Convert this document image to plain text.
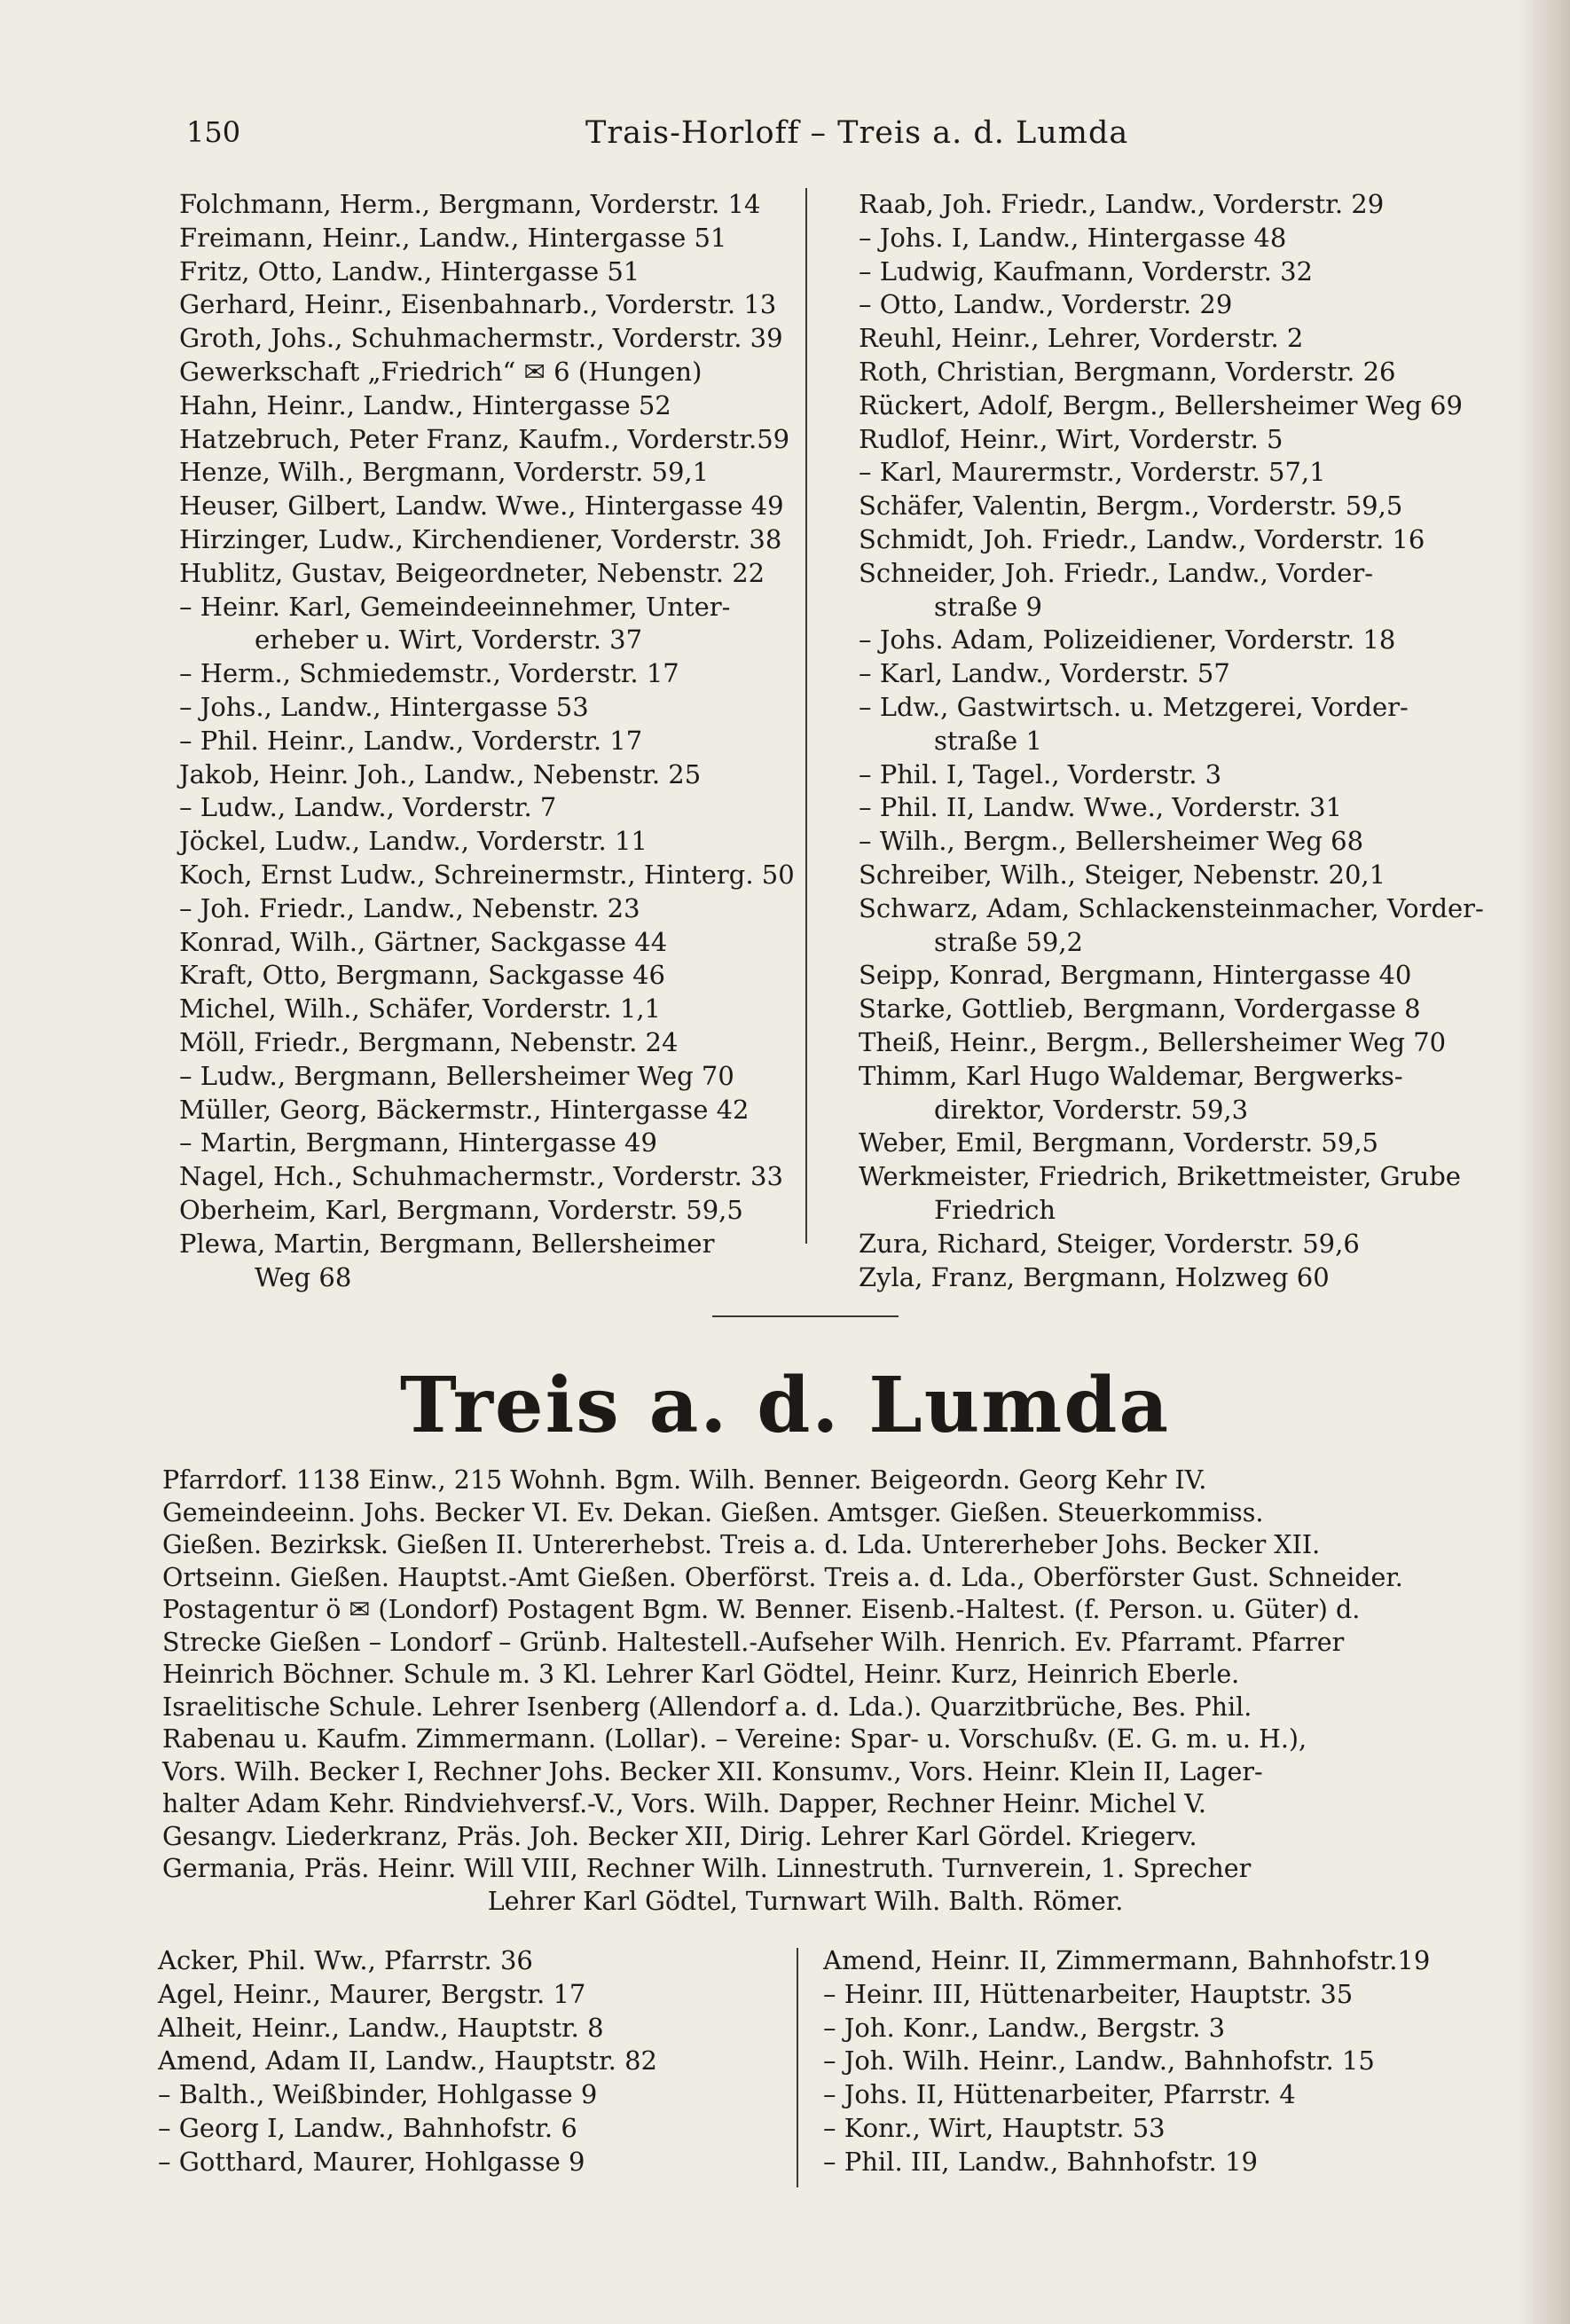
150	Trais-Horloff – Treis a. d. Lumda
Folchmann, Herm., Bergmann, Vorderstr. 14
Freimann, Heinr., Landw., Hintergasse 51
Fritz, Otto, Landw., Hintergasse 51
Gerhard, Heinr., Eisenbahnarb., Vorderstr. 13
Groth, Johs., Schuhmachermstr., Vorderstr. 39
Gewerkschaft „Friedrich“ ✉ 6 (Hungen)
Hahn, Heinr., Landw., Hintergasse 52
Hatzebruch, Peter Franz, Kaufm., Vorderstr.59
Henze, Wilh., Bergmann, Vorderstr. 59,1
Heuser, Gilbert, Landw. Wwe., Hintergasse 49
Hirzinger, Ludw., Kirchendiener, Vorderstr. 38
Hublitz, Gustav, Beigeordneter, Nebenstr. 22
– Heinr. Karl, Gemeindeeinnehmer, Unter-
erheber u. Wirt, Vorderstr. 37
– Herm., Schmiedemstr., Vorderstr. 17
– Johs., Landw., Hintergasse 53
– Phil. Heinr., Landw., Vorderstr. 17
Jakob, Heinr. Joh., Landw., Nebenstr. 25
– Ludw., Landw., Vorderstr. 7
Jöckel, Ludw., Landw., Vorderstr. 11
Koch, Ernst Ludw., Schreinermstr., Hinterg. 50
– Joh. Friedr., Landw., Nebenstr. 23
Konrad, Wilh., Gärtner, Sackgasse 44
Kraft, Otto, Bergmann, Sackgasse 46
Michel, Wilh., Schäfer, Vorderstr. 1,1
Möll, Friedr., Bergmann, Nebenstr. 24
– Ludw., Bergmann, Bellersheimer Weg 70
Müller, Georg, Bäckermstr., Hintergasse 42
– Martin, Bergmann, Hintergasse 49
Nagel, Hch., Schuhmachermstr., Vorderstr. 33
Oberheim, Karl, Bergmann, Vorderstr. 59,5
Plewa, Martin, Bergmann, Bellersheimer
Weg 68
Raab, Joh. Friedr., Landw., Vorderstr. 29
– Johs. I, Landw., Hintergasse 48
– Ludwig, Kaufmann, Vorderstr. 32
– Otto, Landw., Vorderstr. 29
Reuhl, Heinr., Lehrer, Vorderstr. 2
Roth, Christian, Bergmann, Vorderstr. 26
Rückert, Adolf, Bergm., Bellersheimer Weg 69
Rudlof, Heinr., Wirt, Vorderstr. 5
– Karl, Maurermstr., Vorderstr. 57,1
Schäfer, Valentin, Bergm., Vorderstr. 59,5
Schmidt, Joh. Friedr., Landw., Vorderstr. 16
Schneider, Joh. Friedr., Landw., Vorder-
straße 9
– Johs. Adam, Polizeidiener, Vorderstr. 18
– Karl, Landw., Vorderstr. 57
– Ldw., Gastwirtsch. u. Metzgerei, Vorder-
straße 1
– Phil. I, Tagel., Vorderstr. 3
– Phil. II, Landw. Wwe., Vorderstr. 31
– Wilh., Bergm., Bellersheimer Weg 68
Schreiber, Wilh., Steiger, Nebenstr. 20,1
Schwarz, Adam, Schlackensteinmacher, Vorder-
straße 59,2
Seipp, Konrad, Bergmann, Hintergasse 40
Starke, Gottlieb, Bergmann, Vordergasse 8
Theiß, Heinr., Bergm., Bellersheimer Weg 70
Thimm, Karl Hugo Waldemar, Bergwerks-
direktor, Vorderstr. 59,3
Weber, Emil, Bergmann, Vorderstr. 59,5
Werkmeister, Friedrich, Brikettmeister, Grube
Friedrich
Zura, Richard, Steiger, Vorderstr. 59,6
Zyla, Franz, Bergmann, Holzweg 60
Treis a. d. Lumda
Pfarrdorf. 1138 Einw., 215 Wohnh. Bgm. Wilh. Benner. Beigeordn. Georg Kehr IV.
Gemeindeeinn. Johs. Becker VI. Ev. Dekan. Gießen. Amtsger. Gießen. Steuerkommiss.
Gießen. Bezirksk. Gießen II. Untererhebst. Treis a. d. Lda. Untererheber Johs. Becker XII.
Ortseinn. Gießen. Hauptst.-Amt Gießen. Oberförst. Treis a. d. Lda., Oberförster Gust. Schneider.
Postagentur ö ✉ (Londorf) Postagent Bgm. W. Benner. Eisenb.-Haltest. (f. Person. u. Güter) d.
Strecke Gießen – Londorf – Grünb. Haltestell.-Aufseher Wilh. Henrich. Ev. Pfarramt. Pfarrer
Heinrich Böchner. Schule m. 3 Kl. Lehrer Karl Gödtel, Heinr. Kurz, Heinrich Eberle.
Israelitische Schule. Lehrer Isenberg (Allendorf a. d. Lda.). Quarzitbrüche, Bes. Phil.
Rabenau u. Kaufm. Zimmermann. (Lollar). – Vereine: Spar- u. Vorschußv. (E. G. m. u. H.),
Vors. Wilh. Becker I, Rechner Johs. Becker XII. Konsumv., Vors. Heinr. Klein II, Lager-
halter Adam Kehr. Rindviehversf.-V., Vors. Wilh. Dapper, Rechner Heinr. Michel V.
Gesangv. Liederkranz, Präs. Joh. Becker XII, Dirig. Lehrer Karl Gördel. Kriegerv.
Germania, Präs. Heinr. Will VIII, Rechner Wilh. Linnestruth. Turnverein, 1. Sprecher
Lehrer Karl Gödtel, Turnwart Wilh. Balth. Römer.
Acker, Phil. Ww., Pfarrstr. 36
Agel, Heinr., Maurer, Bergstr. 17
Alheit, Heinr., Landw., Hauptstr. 8
Amend, Adam II, Landw., Hauptstr. 82
– Balth., Weißbinder, Hohlgasse 9
– Georg I, Landw., Bahnhofstr. 6
– Gotthard, Maurer, Hohlgasse 9
Amend, Heinr. II, Zimmermann, Bahnhofstr.19
– Heinr. III, Hüttenarbeiter, Hauptstr. 35
– Joh. Konr., Landw., Bergstr. 3
– Joh. Wilh. Heinr., Landw., Bahnhofstr. 15
– Johs. II, Hüttenarbeiter, Pfarrstr. 4
– Konr., Wirt, Hauptstr. 53
– Phil. III, Landw., Bahnhofstr. 19
